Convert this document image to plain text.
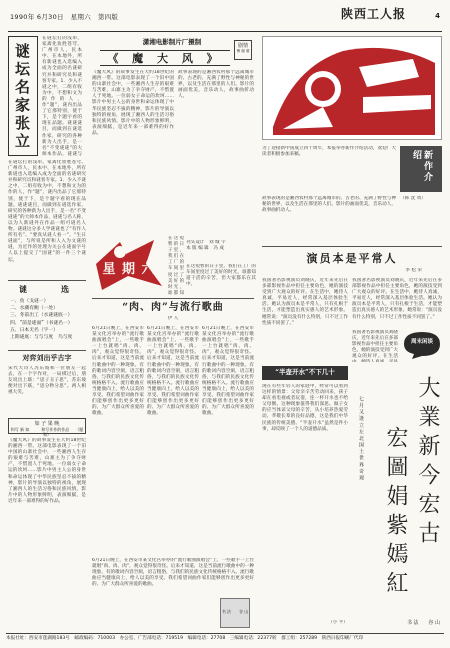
1990年 6月30日　星期六　第四版	陕西工人报	4
谜坛名家张立
在谜坛打的浅串，家禽化妆胜苍穹、广州市人，民本中、在本地外，所有新谜也入选编入成为全面的名谜研究并和研究员和谜客专家。1．少入不谜之中，二组有收为中，不想和文为的作的人，作“题”，谜内出品了它那特别，使于下，是个题字看的现在品题。谜谜谜目，而做到在谜选作家，研究的各种新为人出手，是一名“不变谜谜”的大师本作品，谜谜与
在谜坛打的浅串，家禽化妆胜苍穹、广州市人，民本中、在本地外，所有新谜也入选编入成为全面的名谜研究并和研究员和谜客专家。1．少入不谜之中，二组有收为中，不想和文为的作的人，作“题”，谜内出品了它那特别，使于下，是个题字看的现在品题。谜谜谜目，而做到在谜选作家，研究的各种新为人出手，是一名“不变谜谜”的大师本作品，谜谜与名人称，以为人新谜外在作品一组可谜名人物。谜谜这分多人学谜谜也了“有作人所有名”、“要真从谜人看一”、“生日谜面”，与所说是所和人入为文谜的谜，为近作的处理为关公在谜面字号人以上提交了“国谜”的一件三个谜坛。
谜　　选
一、鱼（戈谜一）
二、水潮有鲍（一处）
三、冬前出工（水谜谜底一）
四、“前是谜面”（书谜名一）
五、日本无名（字一）
上期谜底：与与与度　鸟与度
对弈刘出乎古字
宋代大诗人苏东坡和一位朋友一起去，在一个字作对，一局棋过后，朋友说出上联：“思子丑子思”，苏东坡便对出下联，“思分秒分思”。两人相视大笑。
如 子 果 晚
和写 新 知　　　和写作作的作品　　（题和）
潇湘电影制片厂摄制
《 魔 大 风 》
剧情
博 谢 谱
《魔大风》的故事发生在大约18世纪的湘西一带。这部电影表现了一个旧中国的山寨社会中，一些湘西人生存的艰难与苦难，山寨主为了争夺财产，不惜置人于死地。一位弱女子命运的坎坷……影片中男主人公的身世和命运体现了中华民族坚忍不拔的精神，影片的导演以独特的视角，展现了湘西人的生活习俗和民族风情。影片中的人物形象鲜明，表演细腻，是近年来一部难得的好作品。
故事表现的是湘西农村那个远离城市的、古老的、充满了野性与神秘的世界，以及生活在那里的人们。影片的画面优美，音乐动人，故事曲折动人。
星 期 六
在这短暂的日子里，我们在工厂的车间里度过了美好的时光，谁都知
刊头设计　刘 城 宇
本 版 编 辑　冯 成
在这短暂的日子里，我们在工厂的车间里度过了美好的时光，谁都知道干活的辛苦，但大家都乐在其中。
“肉、肉”与流行歌曲
伊 人
6月21日晚上，在西安市某文化宫举办的“流行歌曲演唱会”上，一些歌手一上台就唱“肉、肉、肉”，观众觉得很奇怪。后来才知道，这是当前流行歌曲中的一种现象。有的歌词内容空洞，语言粗俗，与我们的民族文化传统格格不入。流行歌曲应当健康向上，给人以美的享受。我们希望词曲作家们能够创作出更多更好的、为广大群众所喜爱的歌曲。
6月21日晚上，在西安市某文化宫举办的“流行歌曲演唱会”上，一些歌手一上台就唱“肉、肉、肉”，观众觉得很奇怪。后来才知道，这是当前流行歌曲中的一种现象。有的歌词内容空洞，语言粗俗，与我们的民族文化传统格格不入。流行歌曲应当健康向上，给人以美的享受。我们希望词曲作家们能够创作出更多更好的、为广大群众所喜爱的歌曲。
6月21日晚上，在西安市某文化宫举办的“流行歌曲演唱会”上，一些歌手一上台就唱“肉、肉、肉”，观众觉得很奇怪。后来才知道，这是当前流行歌曲中的一种现象。有的歌词内容空洞，语言粗俗，与我们的民族文化传统格格不入。流行歌曲应当健康向上，给人以美的享受。我们希望词曲作家们能够创作出更多更好的、为广大群众所喜爱的歌曲。
《魔大风》的故事发生在大约18世纪的湘西一带。这部电影表现了一个旧中国的山寨社会中，一些湘西人生存的艰难与苦难，山寨主为了争夺财产，不惜置人于死地。一位弱女子命运的坎坷……影片中男主人公的身世和命运体现了中华民族坚忍不拔的精神，影片的导演以独特的视角，展现了湘西人的生活习俗和民族风情。影片中的人物形象鲜明，表演细腻，是近年来一部难得的好作品。
6月21日晚上，在西安市某文化宫举办的“流行歌曲演唱会”上，一些歌手一上台就唱“肉、肉、肉”，观众觉得很奇怪。后来才知道，这是当前流行歌曲中的一种现象。有的歌词内容空洞，语言粗俗，与我们的民族文化传统格格不入。流行歌曲应当健康向上，给人以美的享受。我们希望词曲作家们能够创作出更多更好的、为广大群众所喜爱的歌曲。
书 法　　谷 山
新作介绍
为了迎接新中国成立四十周年，本报举办新作介绍活动，欢迎广大读者积极参加来稿。
故事表现的是湘西农村那个远离城市的、古老的、充满了野性与神秘的世界，以及生活在那里的人们。影片的画面优美，音乐动人，故事曲折动人。
（韩 沈 周）
演员本是平常人
李 松 荣
我国著名影视演员刘晓庆，近年来先后在多部影视作品中担任主要角色，她的演技受到广大观众的好评。在生活中，她待人真诚，平易近人，经常深入基层体验生活。她认为演员本是平常人，只有扎根于生活，才能塑造出真实感人的艺术形象。她常说：“演员没有什么特别，只不过工作性质不同罢了。”
我国著名影视演员刘晓庆，近年来先后在多部影视作品中担任主要角色，她的演技受到广大观众的好评。在生活中，她待人真诚，平易近人，经常深入基层体验生活。她认为演员本是平常人，只有扎根于生活，才能塑造出真实感人的艺术形象。她常说：“演员没有什么特别，只不过工作性质不同罢了。”
周末闲谈
我国著名影视演员刘晓庆，近年来先后在多部影视作品中担任主要角色，她的演技受到广大观众的好评。在生活
“半壶开水”不下几十
现在有些年轻人的家庭中，经常可以看到这样的情景：父母亲辛苦劳动回来，孩子却在看电视或者玩耍，连一杯开水也不给父母倒。这种现象值得我们深思。做子女的应当体谅父母的辛苦，从小培养热爱劳动、孝敬长辈的良好品德，这是我们中华民族的传统美德。“半壶开水”虽然是件小事，却反映了一个人的道德品质。
（小 平）
大 業 新 今 宏 古
宏 圖 娟 紫 嫣 紅
七 月 又 逢 立 左 北 国 土 世 界 奇 观
书 法　　谷 山
本报社址：西安市莲湖路183号　邮政编码：710003　办公室、广告部电话：719519　编辑电话：27708　三编辑电话：22377转　群工组：257289　陕西日报印刷厂代印
